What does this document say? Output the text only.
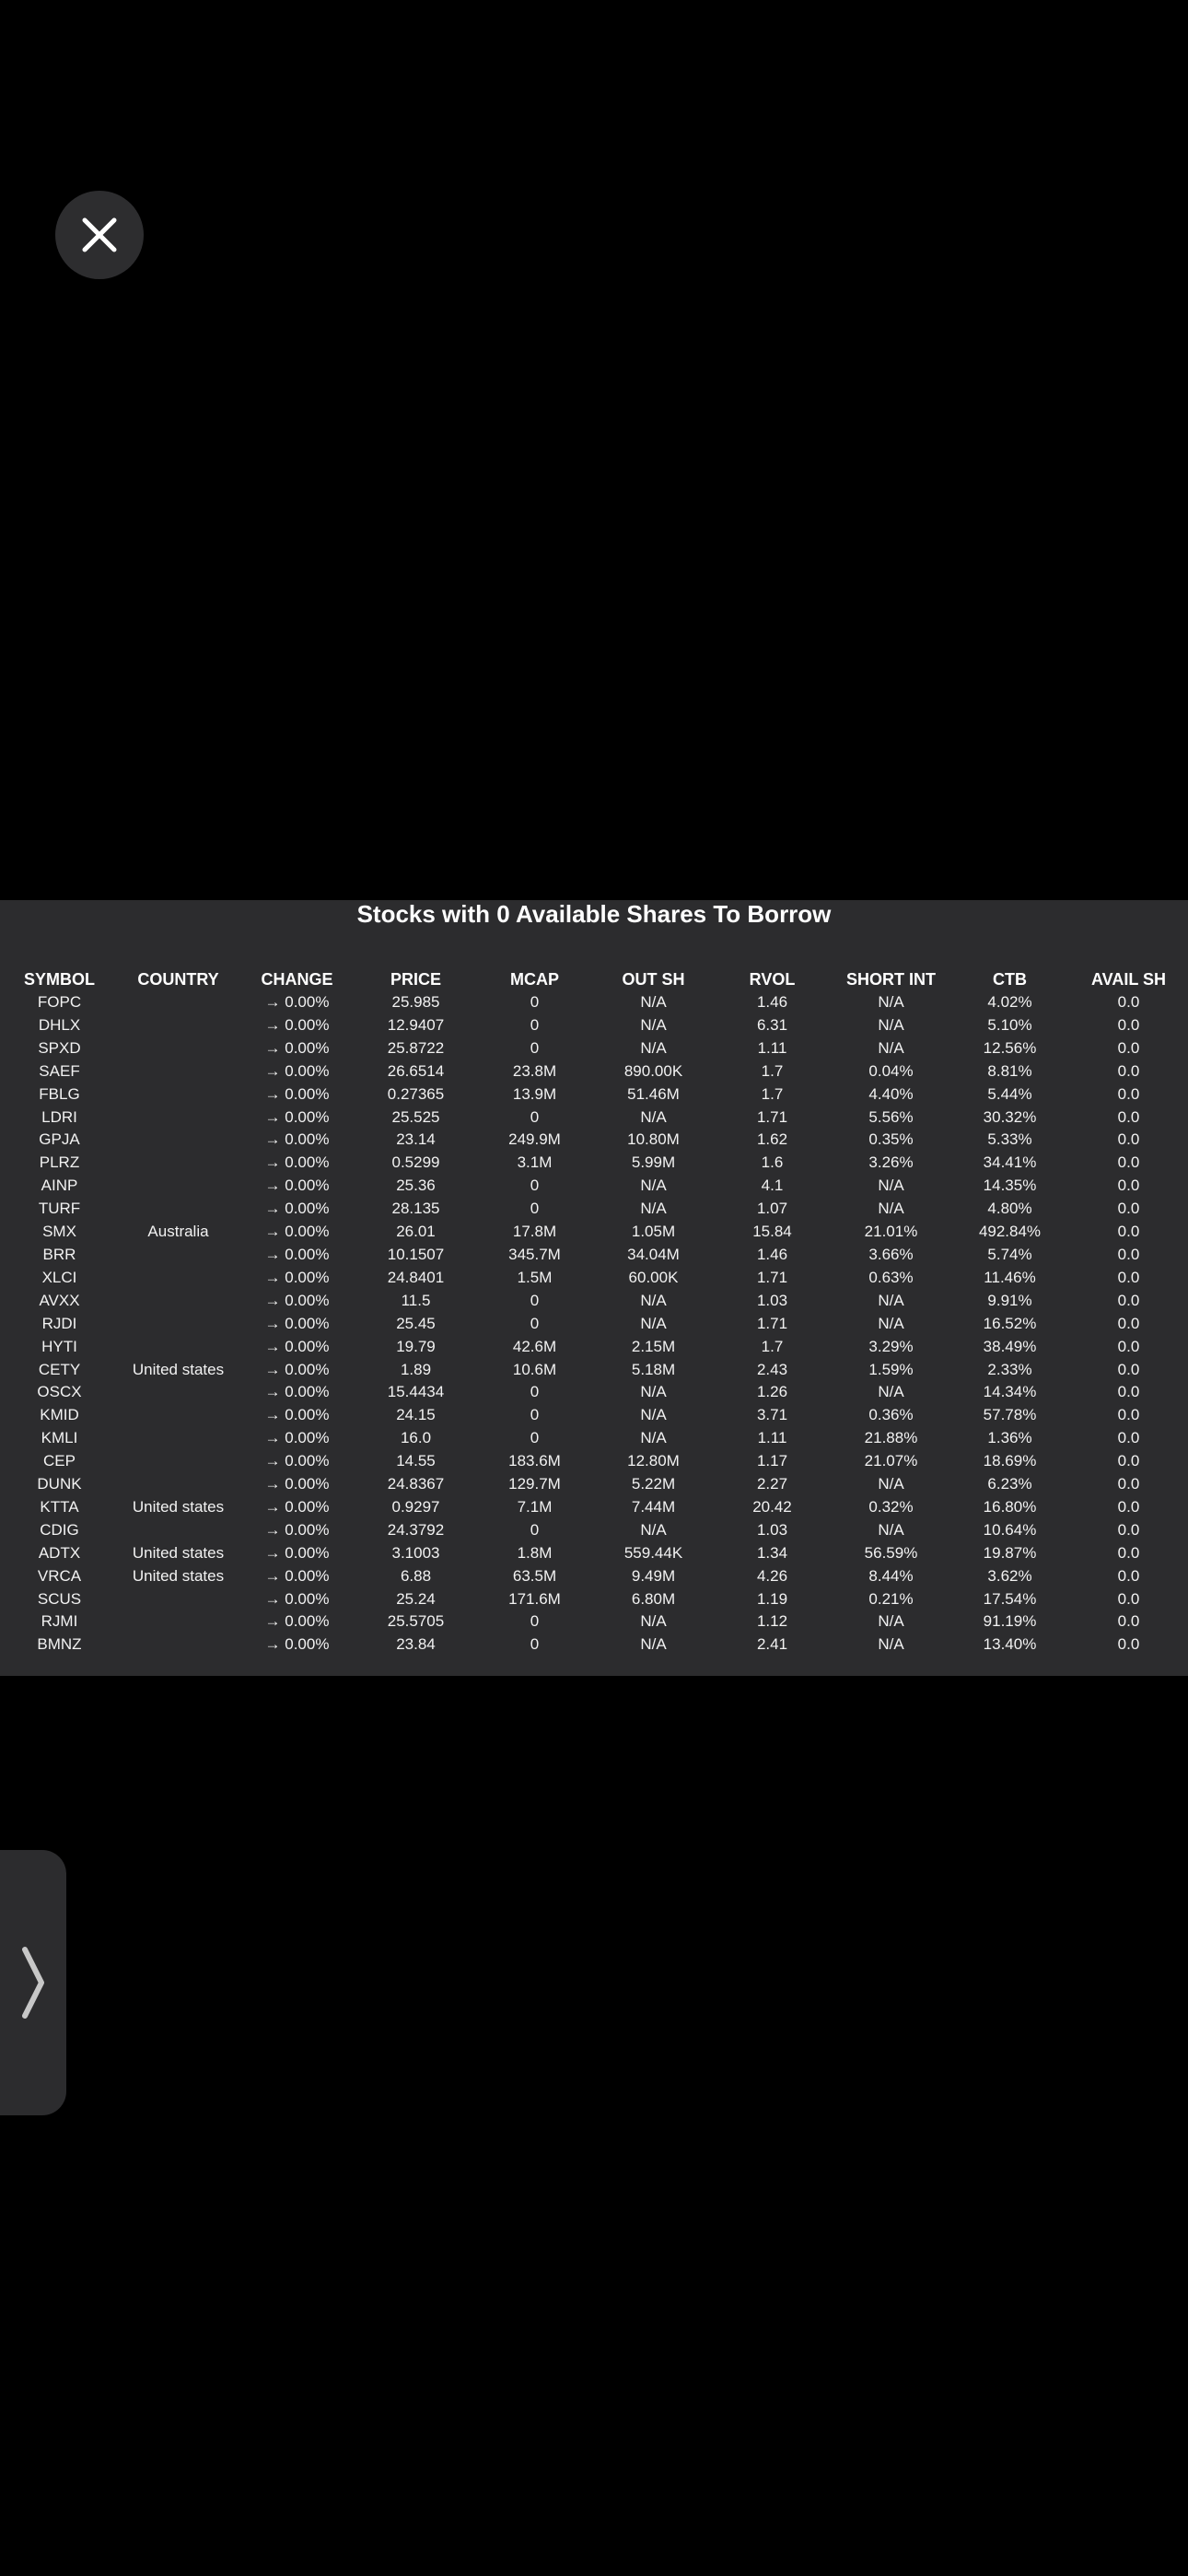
Stocks with 0 Available Shares To Borrow
SYMBOL	COUNTRY	CHANGE	PRICE	MCAP	OUT SH	RVOL	SHORT INT	CTB	AVAIL SH
FOPC		→ 0.00%	25.985	0	N/A	1.46	N/A	4.02%	0.0
DHLX		→ 0.00%	12.9407	0	N/A	6.31	N/A	5.10%	0.0
SPXD		→ 0.00%	25.8722	0	N/A	1.11	N/A	12.56%	0.0
SAEF		→ 0.00%	26.6514	23.8M	890.00K	1.7	0.04%	8.81%	0.0
FBLG		→ 0.00%	0.27365	13.9M	51.46M	1.7	4.40%	5.44%	0.0
LDRI		→ 0.00%	25.525	0	N/A	1.71	5.56%	30.32%	0.0
GPJA		→ 0.00%	23.14	249.9M	10.80M	1.62	0.35%	5.33%	0.0
PLRZ		→ 0.00%	0.5299	3.1M	5.99M	1.6	3.26%	34.41%	0.0
AINP		→ 0.00%	25.36	0	N/A	4.1	N/A	14.35%	0.0
TURF		→ 0.00%	28.135	0	N/A	1.07	N/A	4.80%	0.0
SMX	Australia	→ 0.00%	26.01	17.8M	1.05M	15.84	21.01%	492.84%	0.0
BRR		→ 0.00%	10.1507	345.7M	34.04M	1.46	3.66%	5.74%	0.0
XLCI		→ 0.00%	24.8401	1.5M	60.00K	1.71	0.63%	11.46%	0.0
AVXX		→ 0.00%	11.5	0	N/A	1.03	N/A	9.91%	0.0
RJDI		→ 0.00%	25.45	0	N/A	1.71	N/A	16.52%	0.0
HYTI		→ 0.00%	19.79	42.6M	2.15M	1.7	3.29%	38.49%	0.0
CETY	United states	→ 0.00%	1.89	10.6M	5.18M	2.43	1.59%	2.33%	0.0
OSCX		→ 0.00%	15.4434	0	N/A	1.26	N/A	14.34%	0.0
KMID		→ 0.00%	24.15	0	N/A	3.71	0.36%	57.78%	0.0
KMLI		→ 0.00%	16.0	0	N/A	1.11	21.88%	1.36%	0.0
CEP		→ 0.00%	14.55	183.6M	12.80M	1.17	21.07%	18.69%	0.0
DUNK		→ 0.00%	24.8367	129.7M	5.22M	2.27	N/A	6.23%	0.0
KTTA	United states	→ 0.00%	0.9297	7.1M	7.44M	20.42	0.32%	16.80%	0.0
CDIG		→ 0.00%	24.3792	0	N/A	1.03	N/A	10.64%	0.0
ADTX	United states	→ 0.00%	3.1003	1.8M	559.44K	1.34	56.59%	19.87%	0.0
VRCA	United states	→ 0.00%	6.88	63.5M	9.49M	4.26	8.44%	3.62%	0.0
SCUS		→ 0.00%	25.24	171.6M	6.80M	1.19	0.21%	17.54%	0.0
RJMI		→ 0.00%	25.5705	0	N/A	1.12	N/A	91.19%	0.0
BMNZ		→ 0.00%	23.84	0	N/A	2.41	N/A	13.40%	0.0
